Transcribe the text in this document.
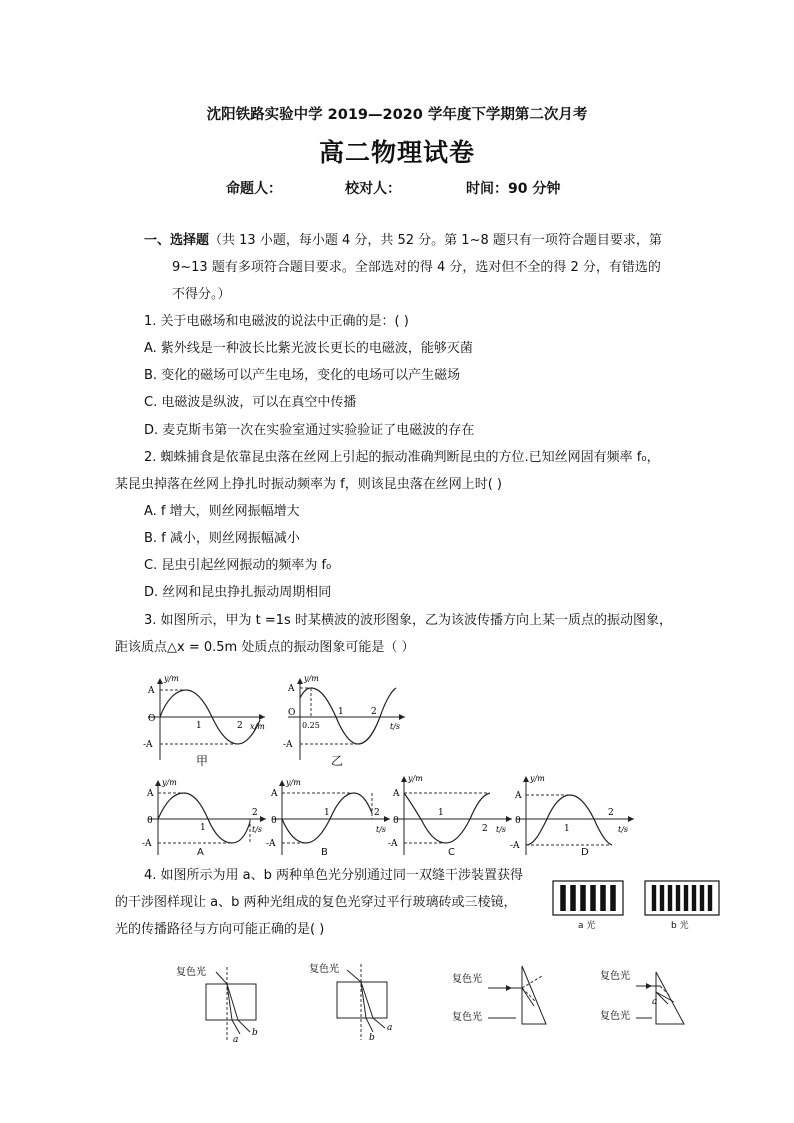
沈阳铁路实验中学 2019—2020 学年度下学期第二次月考
高二物理试卷
命题人：	校对人：	时间：90 分钟
一、选择题（共 13 小题，每小题 4 分，共 52 分。第 1~8 题只有一项符合题目要求，第
9~13 题有多项符合题目要求。全部选对的得 4 分，选对但不全的得 2 分，有错选的
不得分。）
1. 关于电磁场和电磁波的说法中正确的是：( )
A. 紫外线是一种波长比紫光波长更长的电磁波，能够灭菌
B. 变化的磁场可以产生电场，变化的电场可以产生磁场
C. 电磁波是纵波，可以在真空中传播
D. 麦克斯韦第一次在实验室通过实验验证了电磁波的存在
2. 蜘蛛捕食是依靠昆虫落在丝网上引起的振动准确判断昆虫的方位.已知丝网固有频率 f₀，
某昆虫掉落在丝网上挣扎时振动频率为 f，则该昆虫落在丝网上时( )
A. f 增大，则丝网振幅增大
B. f 减小，则丝网振幅减小
C. 昆虫引起丝网振动的频率为 f₀
D. 丝网和昆虫挣扎振动周期相同
3. 如图所示，甲为 t =1s 时某横波的波形图象，乙为该波传播方向上某一质点的振动图象，
距该质点△x = 0.5m 处质点的振动图象可能是（ ）
y/m
A
O
-A
1	2 x/m
甲
y/m
A
O
-A
0.25
1	2
t/s
乙
y/m
A
0
-A
1
2
t/s
A
y/m
A
0
-A
1	2
t/s
B
y/m
A
0
-A
1
2 t/s
C
y/m
A
0
-A
1
2
t/s
D
4. 如图所示为用 a、b 两种单色光分别通过同一双缝干涉装置获得
的干涉图样现让 a、b 两种光组成的复色光穿过平行玻璃砖或三棱镜，
光的传播路径与方向可能正确的是( )	a 光	b 光
复色光
a
b
复色光
b
a
复色光
复色光
复色光
复色光
a
